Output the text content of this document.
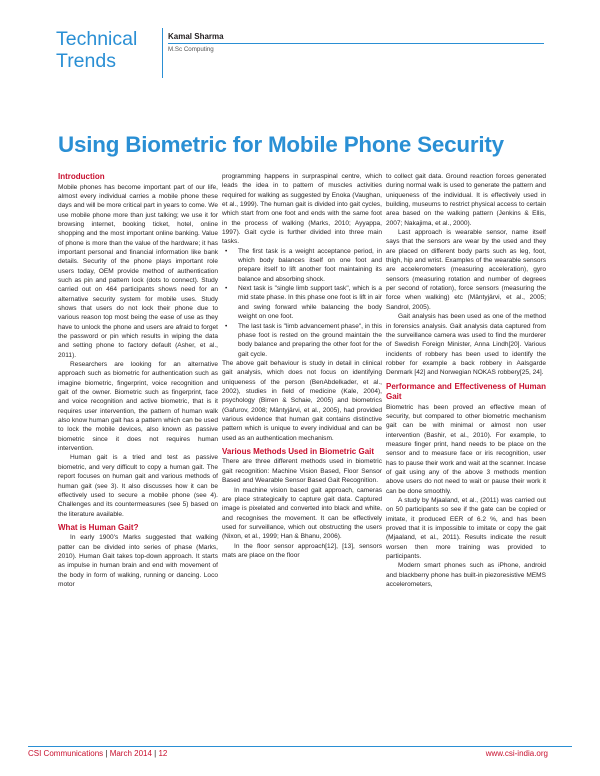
Technical
Trends
Kamal Sharma
M.Sc Computing
Using Biometric for Mobile Phone Security
Introduction

Mobile phones has become important part of our life, almost every individual carries a mobile phone these days and will be more critical part in years to come. We use mobile phone more than just talking; we use it for browsing internet, booking ticket, hotel, online shopping and the most important online banking. Value of phone is more than the value of the hardware; it has important personal and financial information like bank details. Security of the phone plays important role users today, OEM provide method of authentication such as pin and pattern lock (dots to connect). Study carried out on 464 participants shows need for an alternative security system for mobile uses. Study shows that users do not lock their phone due to various reason top most being the ease of use as they have to unlock the phone and users are afraid to forget the password or pin which results in wiping the data and setting phone to factory default (Asher, et al., 2011).

Researchers are looking for an alternative approach such as biometric for authentication such as imagine biometric, fingerprint, voice recognition and gait of the owner. Biometric such as fingerprint, face and voice recognition and active biometric, that is it requires user intervention, the pattern of human walk also know human gait has a pattern which can be used to lock the mobile devices, also known as passive biometric since it does not requires human intervention.

Human gait is a tried and test as passive biometric, and very difficult to copy a human gait. The report focuses on human gait and various methods of human gait (see 3). It also discusses how it can be effectively used to secure a mobile phone (see 4). Challenges and its countermeasures (see 5) based on the literature available.

What is Human Gait?

In early 1900's Marks suggested that walking patter can be divided into series of phase (Marks, 2010). Human Gait takes top-down approach. It starts as impulse in human brain and end with movement of the body in form of walking, running or dancing. Loco motor

programming happens in surpraspinal centre, which leads the idea in to pattern of muscles activities required for walking as suggested by Enoka (Vaughan, et al., 1999). The human gait is divided into gait cycles, which start from one foot and ends with the same foot in the process of walking (Marks, 2010; Ayyappa, 1997). Gait cycle is further divided into three main tasks.

• The first task is a weight acceptance period, in which body balances itself on one foot and prepare itself to lift another foot maintaining its balance and absorbing shock.
• Next task is "single limb support task", which is a mid state phase. In this phase one foot is lift in air and swing forward while balancing the body weight on one foot.
• The last task is "limb advancement phase", in this phase foot is rested on the ground maintain the body balance and preparing the other foot for the gait cycle.

The above gait behaviour is study in detail in clinical gait analysis, which does not focus on identifying uniqueness of the person (BenAbdelkader, et al., 2002), studies in field of medicine (Kale, 2004), psychology (Birren & Schaie, 2005) and biometrics (Gafurov, 2008; Mäntyjärvi, et al., 2005), had provided various evidence that human gait contains distinctive pattern which is unique to every individual and can be used as an authentication mechanism.

Various Methods Used in Biometric Gait

There are three different methods used in biometric gait recognition: Machine Vision Based, Floor Sensor Based and Wearable Sensor Based Gait Recognition.

In machine vision based gait approach, cameras are place strategically to capture gait data. Captured image is pixelated and converted into black and white, and recognises the movement. It can be effectively used for surveillance, which out obstructing the users (Nixon, et al., 1999; Han & Bhanu, 2006).

In the floor sensor approach[12], [13], sensors mats are place on the floor

to collect gait data. Ground reaction forces generated during normal walk is used to generate the pattern and uniqueness of the individual. It is effectively used in building, museums to restrict physical access to certain area based on the walking pattern (Jenkins & Ellis, 2007; Nakajima, et al., 2000).

Last approach is wearable sensor, name itself says that the sensors are wear by the used and they are placed on different body parts such as leg, foot, thigh, hip and wrist. Examples of the wearable sensors are accelerometers (measuring acceleration), gyro sensors (measuring rotation and number of degrees per second of rotation), force sensors (measuring the force when walking) etc (Mäntyjärvi, et al., 2005; Sandrol, 2005).

Gait analysis has been used as one of the method in forensics analysis. Gait analysis data captured from the surveillance camera was used to find the murderer of Swedish Foreign Minister, Anna Lindh[20]. Various incidents of robbery has been used to identify the robber for example a back robbery in Aalsgarde Denmark [42] and Norwegian NOKAS robbery[25, 24].

Performance and Effectiveness of Human Gait

Biometric has been proved an effective mean of security, but compared to other biometric mechanism gait can be with minimal or almost non user intervention (Bashir, et al., 2010). For example, to measure finger print, hand needs to be place on the sensor and to measure face or iris recognition, user has to pause their work and wait at the scanner. Incase of gait using any of the above 3 methods mention above users do not need to wait or pause their work it can be done smoothly.

A study by Mjaaland, et al., (2011) was carried out on 50 participants so see if the gate can be copied or imitate, it produced EER of 6.2 %, and has been proved that it is impossible to imitate or copy the gait (Mjaaland, et al., 2011). Results indicate the result worsen then more training was provided to participants.

Modern smart phones such as iPhone, android and blackberry phone has built-in piezoresistive MEMS accelerometers,

CSI Communications | March 2014 | 12	www.csi-india.org
